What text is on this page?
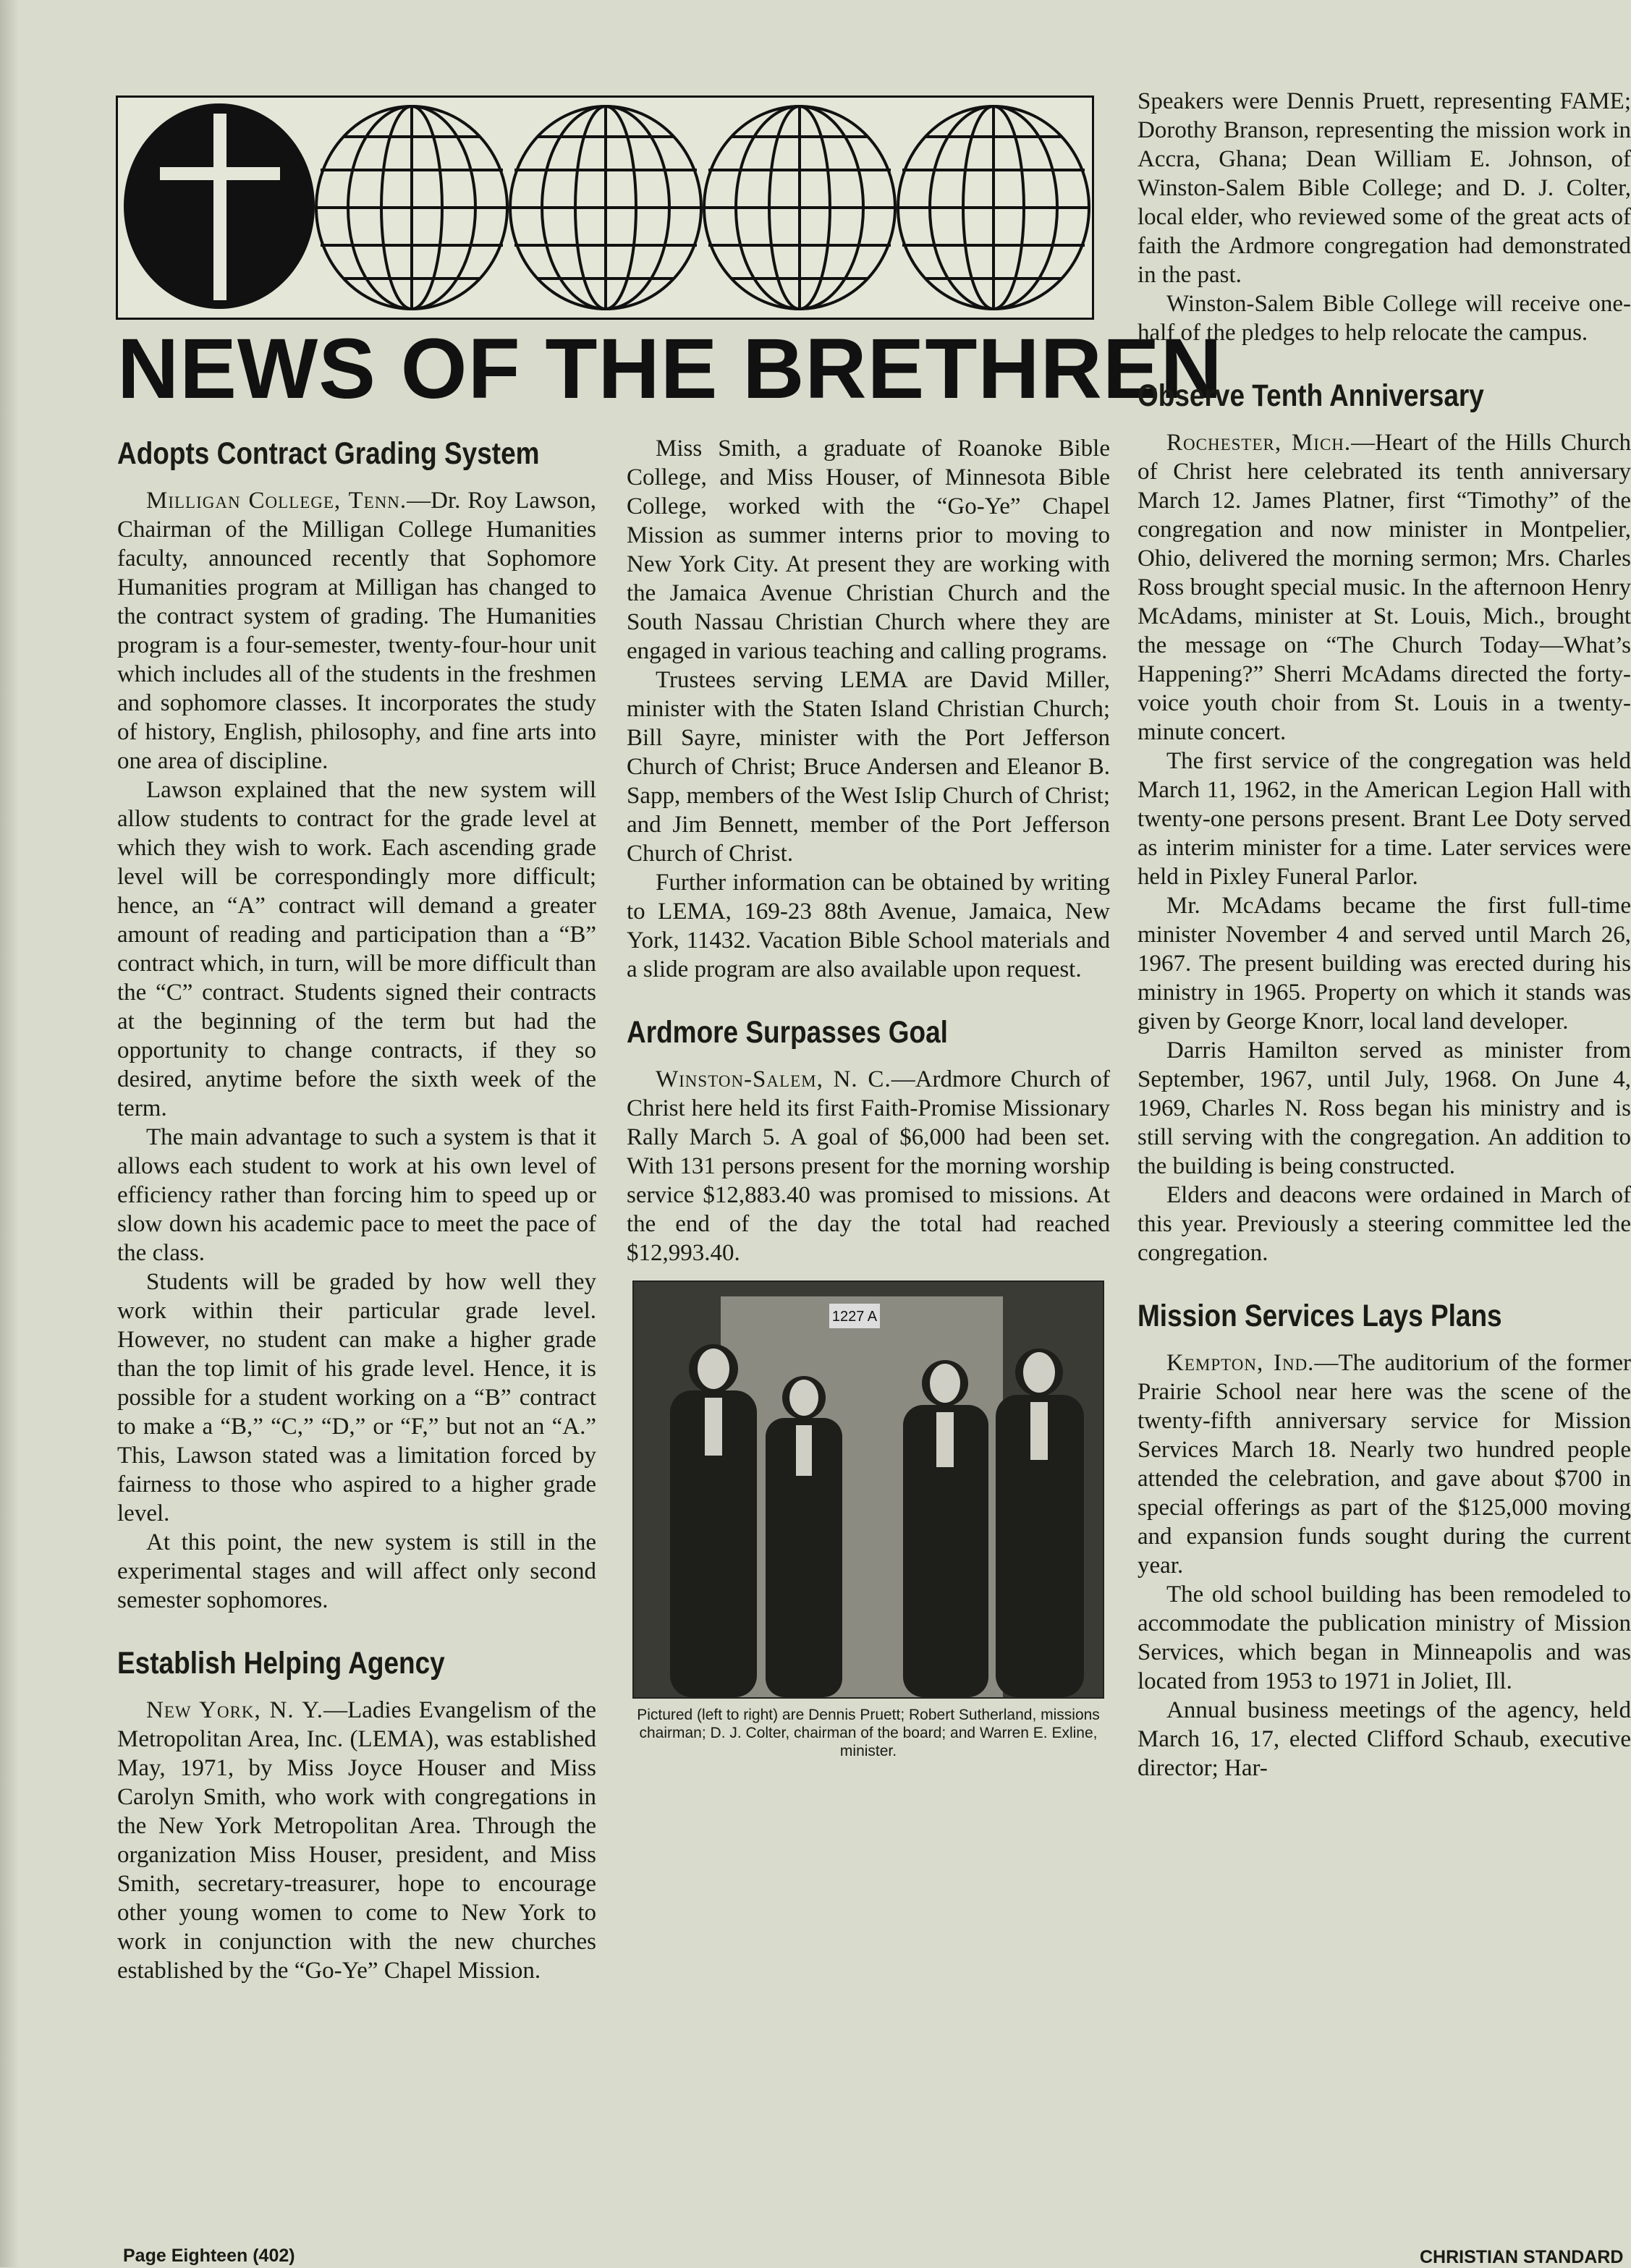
NEWS OF THE BRETHREN
Adopts Contract Grading System

Milligan College, Tenn.—Dr. Roy Lawson, Chairman of the Milligan College Humanities faculty, announced recently that Sophomore Humanities program at Milligan has changed to the contract system of grading. The Humanities program is a four-semester, twenty-four-hour unit which includes all of the students in the freshmen and sophomore classes. It incorporates the study of history, English, philosophy, and fine arts into one area of discipline.

Lawson explained that the new system will allow students to contract for the grade level at which they wish to work. Each ascending grade level will be correspondingly more difficult; hence, an “A” contract will demand a greater amount of reading and participation than a “B” contract which, in turn, will be more difficult than the “C” contract. Students signed their contracts at the beginning of the term but had the opportunity to change contracts, if they so desired, anytime before the sixth week of the term.

The main advantage to such a system is that it allows each student to work at his own level of efficiency rather than forcing him to speed up or slow down his academic pace to meet the pace of the class.

Students will be graded by how well they work within their particular grade level. However, no student can make a higher grade than the top limit of his grade level. Hence, it is possible for a student working on a “B” contract to make a “B,” “C,” “D,” or “F,” but not an “A.” This, Lawson stated was a limitation forced by fairness to those who aspired to a higher grade level.

At this point, the new system is still in the experimental stages and will affect only second semester sophomores.

Establish Helping Agency

New York, N. Y.—Ladies Evangelism of the Metropolitan Area, Inc. (LEMA), was established May, 1971, by Miss Joyce Houser and Miss Carolyn Smith, who work with congregations in the New York Metropolitan Area. Through the organization Miss Houser, president, and Miss Smith, secretary-treasurer, hope to encourage other young women to come to New York to work in conjunction with the new churches established by the “Go-Ye” Chapel Mission.

Miss Smith, a graduate of Roanoke Bible College, and Miss Houser, of Minnesota Bible College, worked with the “Go-Ye” Chapel Mission as summer interns prior to moving to New York City. At present they are working with the Jamaica Avenue Christian Church and the South Nassau Christian Church where they are engaged in various teaching and calling programs.

Trustees serving LEMA are David Miller, minister with the Staten Island Christian Church; Bill Sayre, minister with the Port Jefferson Church of Christ; Bruce Andersen and Eleanor B. Sapp, members of the West Islip Church of Christ; and Jim Bennett, member of the Port Jefferson Church of Christ.

Further information can be obtained by writing to LEMA, 169-23 88th Avenue, Jamaica, New York, 11432. Vacation Bible School materials and a slide program are also available upon request.

Ardmore Surpasses Goal

Winston-Salem, N. C.—Ardmore Church of Christ here held its first Faith-Promise Missionary Rally March 5. A goal of $6,000 had been set. With 131 persons present for the morning worship service $12,883.40 was promised to missions. At the end of the day the total had reached $12,993.40.

1227 A
Pictured (left to right) are Dennis Pruett; Robert Sutherland, missions chairman; D. J. Colter, chairman of the board; and Warren E. Exline, minister.

Speakers were Dennis Pruett, representing FAME; Dorothy Branson, representing the mission work in Accra, Ghana; Dean William E. Johnson, of Winston-Salem Bible College; and D. J. Colter, local elder, who reviewed some of the great acts of faith the Ardmore congregation had demonstrated in the past.

Winston-Salem Bible College will receive one-half of the pledges to help relocate the campus.

Observe Tenth Anniversary

Rochester, Mich.—Heart of the Hills Church of Christ here celebrated its tenth anniversary March 12. James Platner, first “Timothy” of the congregation and now minister in Montpelier, Ohio, delivered the morning sermon; Mrs. Charles Ross brought special music. In the afternoon Henry McAdams, minister at St. Louis, Mich., brought the message on “The Church Today—What’s Happening?” Sherri McAdams directed the forty-voice youth choir from St. Louis in a twenty-minute concert.

The first service of the congregation was held March 11, 1962, in the American Legion Hall with twenty-one persons present. Brant Lee Doty served as interim minister for a time. Later services were held in Pixley Funeral Parlor.

Mr. McAdams became the first full-time minister November 4 and served until March 26, 1967. The present building was erected during his ministry in 1965. Property on which it stands was given by George Knorr, local land developer.

Darris Hamilton served as minister from September, 1967, until July, 1968. On June 4, 1969, Charles N. Ross began his ministry and is still serving with the congregation. An addition to the building is being constructed.

Elders and deacons were ordained in March of this year. Previously a steering committee led the congregation.

Mission Services Lays Plans

Kempton, Ind.—The auditorium of the former Prairie School near here was the scene of the twenty-fifth anniversary service for Mission Services March 18. Nearly two hundred people attended the celebration, and gave about $700 in special offerings as part of the $125,000 moving and expansion funds sought during the current year.

The old school building has been remodeled to accommodate the publication ministry of Mission Services, which began in Minneapolis and was located from 1953 to 1971 in Joliet, Ill.

Annual business meetings of the agency, held March 16, 17, elected Clifford Schaub, executive director; Har-

Page Eighteen (402)	CHRISTIAN STANDARD
